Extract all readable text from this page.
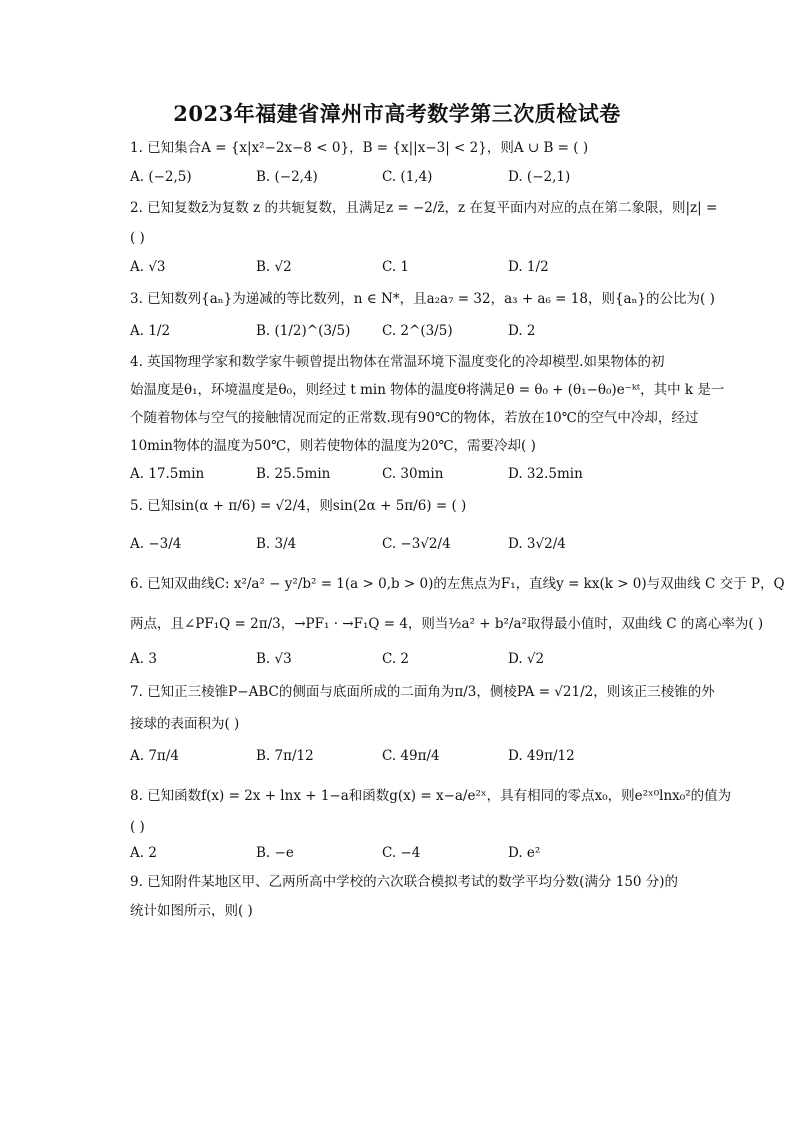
2023年福建省漳州市高考数学第三次质检试卷
1. 已知集合A = {x|x²−2x−8 < 0}，B = {x||x−3| < 2}，则A ∪ B = ( )
A. (−2,5)	B. (−2,4)	C. (1,4)	D. (−2,1)
2. 已知复数z̄为复数 z 的共轭复数，且满足z = −2/z̄，z 在复平面内对应的点在第二象限，则|z| =
( )
A. √3	B. √2	C. 1	D. 1/2
3. 已知数列{aₙ}为递减的等比数列，n ∈ N*，且a₂a₇ = 32，a₃ + a₆ = 18，则{aₙ}的公比为( )
A. 1/2	B. (1/2)^(3/5) C. 2^(3/5)	D. 2
4. 英国物理学家和数学家牛顿曾提出物体在常温环境下温度变化的冷却模型.如果物体的初
始温度是θ₁，环境温度是θ₀，则经过 t min 物体的温度θ将满足θ = θ₀ + (θ₁−θ₀)e⁻ᵏᵗ，其中 k 是一
个随着物体与空气的接触情况而定的正常数.现有90℃的物体，若放在10℃的空气中冷却，经过
10min物体的温度为50℃，则若使物体的温度为20℃，需要冷却( )
A. 17.5min	B. 25.5min	C. 30min	D. 32.5min
5. 已知sin(α + π/6) = √2/4，则sin(2α + 5π/6) = ( )
A. −3/4	B. 3/4	C. −3√2/4	D. 3√2/4
6. 已知双曲线C: x²/a² − y²/b² = 1(a > 0,b > 0)的左焦点为F₁，直线y = kx(k > 0)与双曲线 C 交于 P，Q
两点，且∠PF₁Q = 2π/3，→PF₁ · →F₁Q = 4，则当½a² + b²/a²取得最小值时，双曲线 C 的离心率为( )
A. 3	B. √3	C. 2	D. √2
7. 已知正三棱锥P−ABC的侧面与底面所成的二面角为π/3，侧棱PA = √21/2，则该正三棱锥的外
接球的表面积为( )
A. 7π/4	B. 7π/12	C. 49π/4	D. 49π/12
8. 已知函数f(x) = 2x + lnx + 1−a和函数g(x) = x−a/e²ˣ，具有相同的零点x₀，则e²ˣ⁰lnx₀²的值为
( )
A. 2	B. −e	C. −4	D. e²
9. 已知附件某地区甲、乙两所高中学校的六次联合模拟考试的数学平均分数(满分 150 分)的
统计如图所示，则( )
